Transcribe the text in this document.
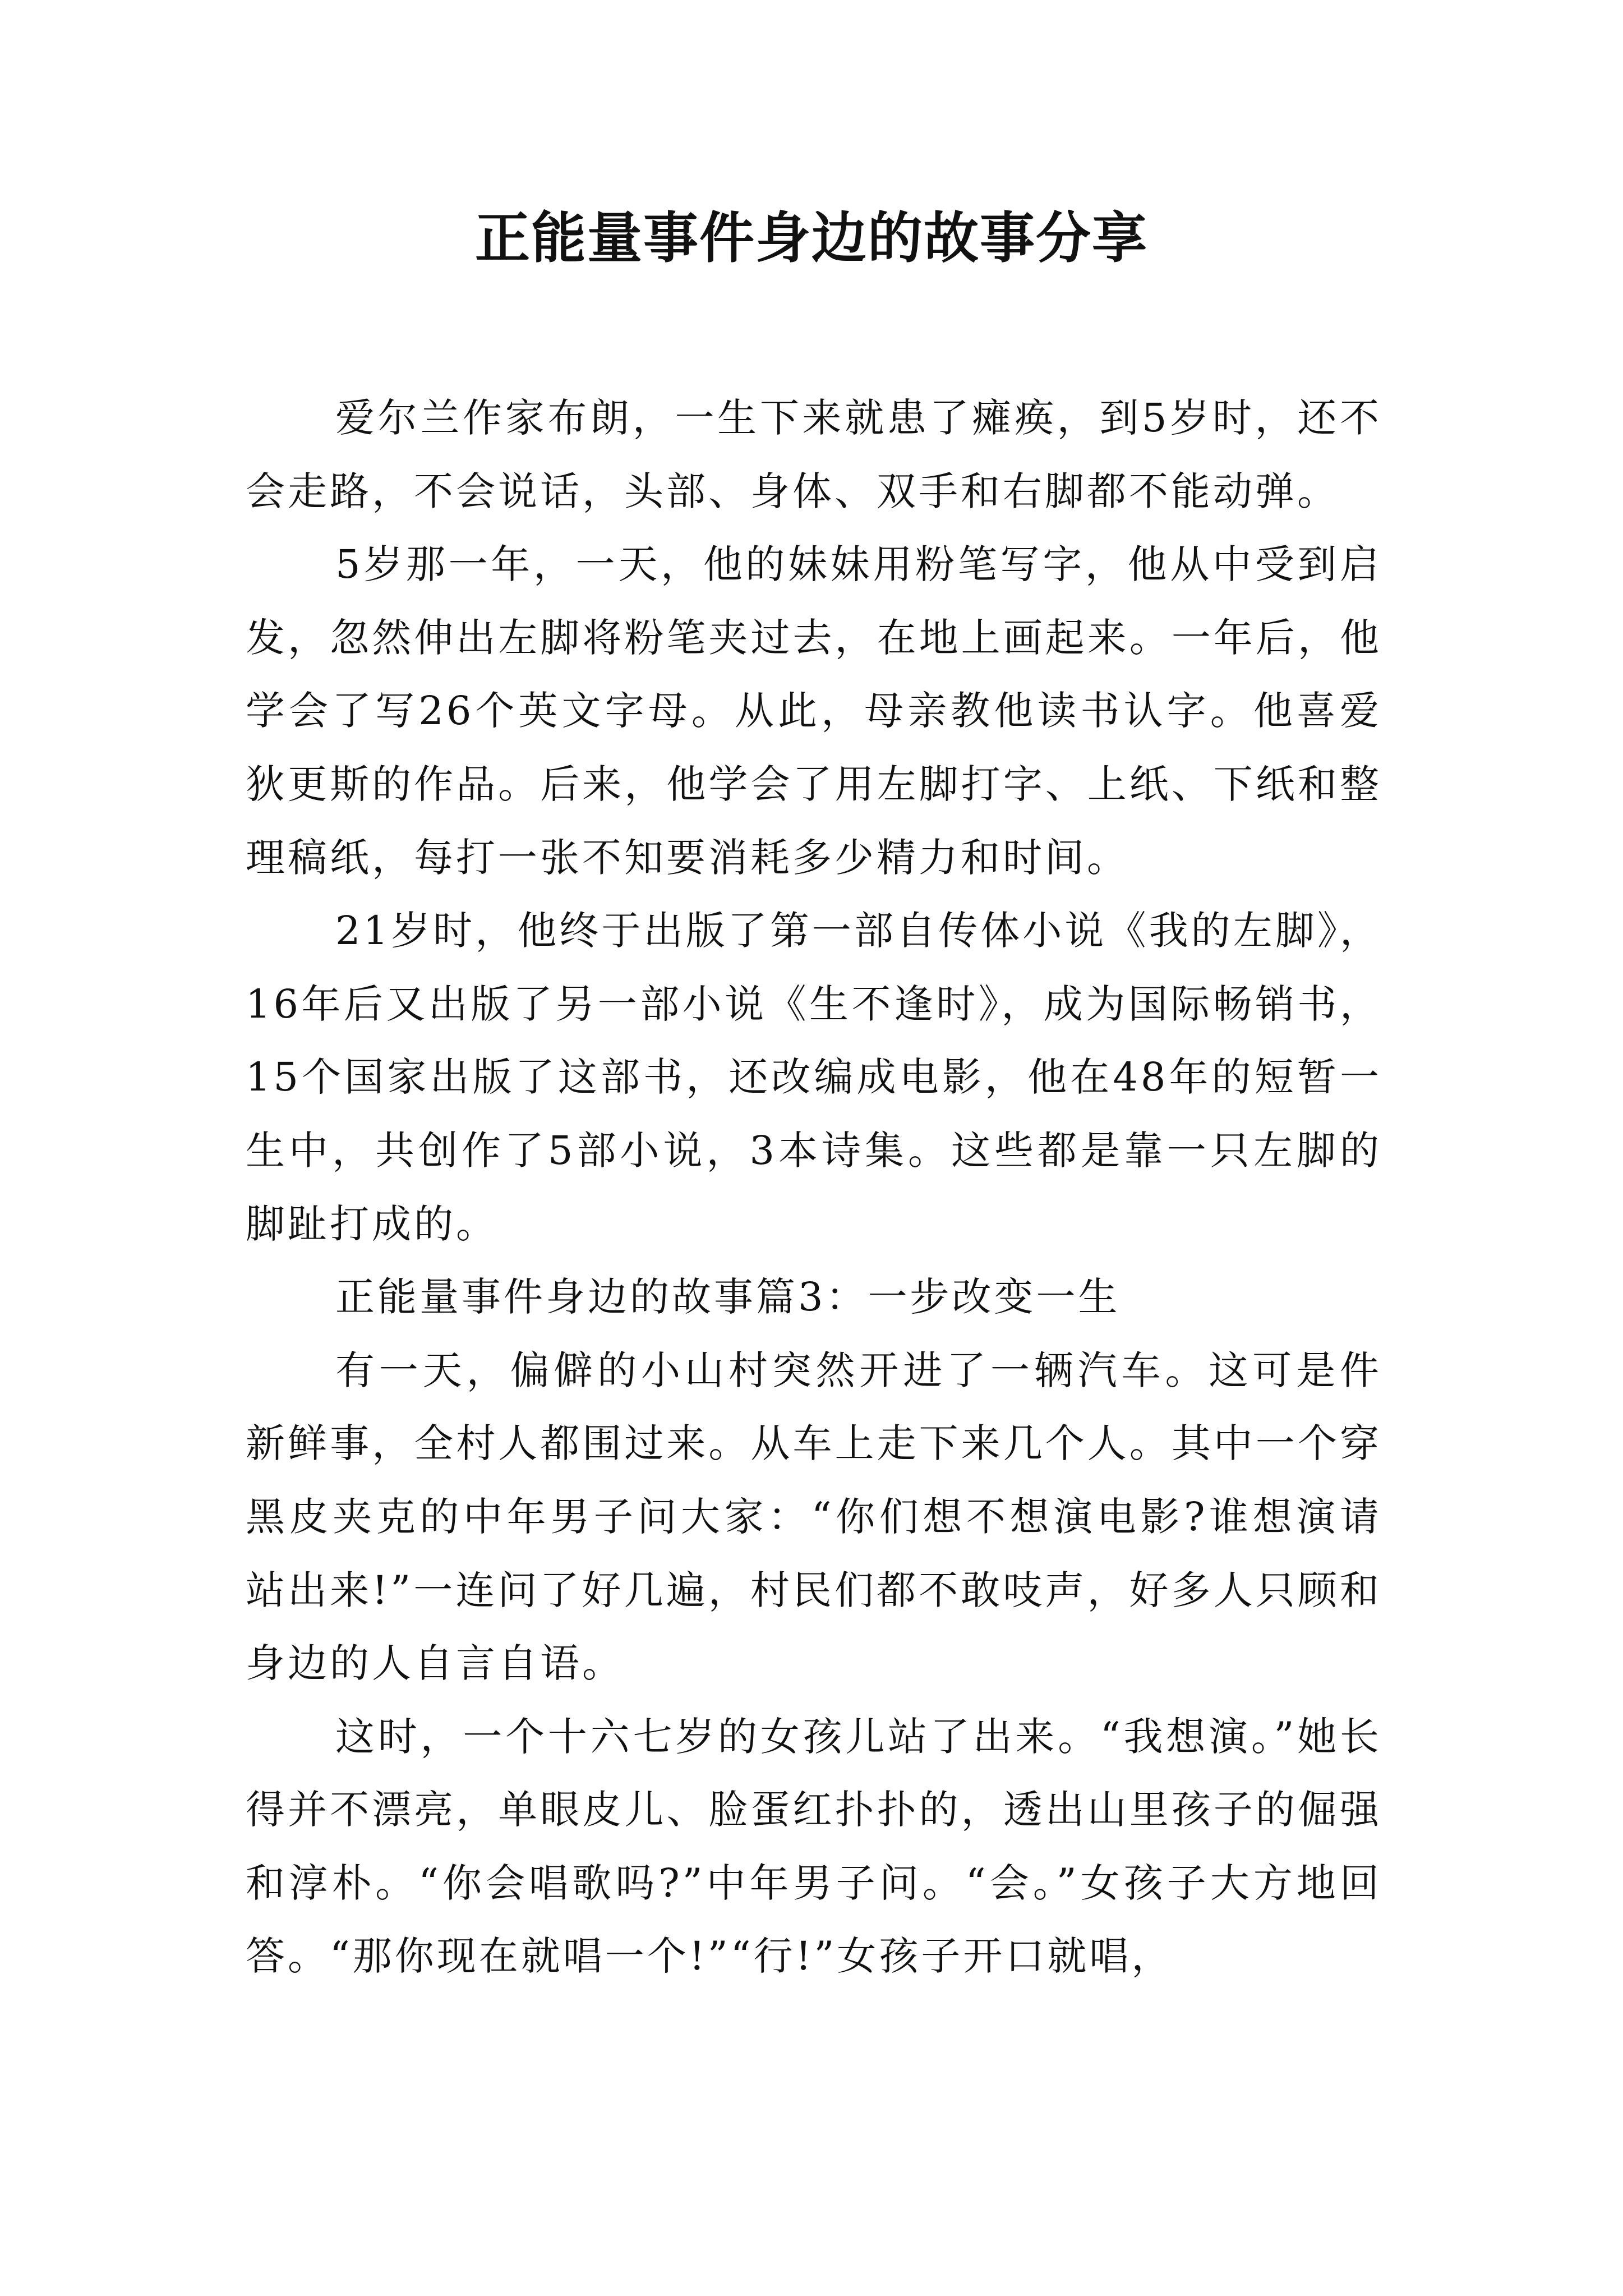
正能量事件身边的故事分享

爱尔兰作家布朗，一生下来就患了瘫痪，到5岁时，还不会走路，不会说话，头部、身体、双手和右脚都不能动弹。

5岁那一年，一天，他的妹妹用粉笔写字，他从中受到启发，忽然伸出左脚将粉笔夹过去，在地上画起来。一年后，他学会了写26个英文字母。从此，母亲教他读书认字。他喜爱狄更斯的作品。后来，他学会了用左脚打字、上纸、下纸和整理稿纸，每打一张不知要消耗多少精力和时间。

21岁时，他终于出版了第一部自传体小说《我的左脚》，16年后又出版了另一部小说《生不逢时》，成为国际畅销书，15个国家出版了这部书，还改编成电影，他在48年的短暂一生中，共创作了5部小说，3本诗集。这些都是靠一只左脚的脚趾打成的。

正能量事件身边的故事篇3：一步改变一生

有一天，偏僻的小山村突然开进了一辆汽车。这可是件新鲜事，全村人都围过来。从车上走下来几个人。其中一个穿黑皮夹克的中年男子问大家：“你们想不想演电影?谁想演请站出来!”一连问了好几遍，村民们都不敢吱声，好多人只顾和身边的人自言自语。

这时，一个十六七岁的女孩儿站了出来。“我想演。”她长得并不漂亮，单眼皮儿、脸蛋红扑扑的，透出山里孩子的倔强和淳朴。“你会唱歌吗?”中年男子问。“会。”女孩子大方地回答。“那你现在就唱一个!”“行!”女孩子开口就唱，
